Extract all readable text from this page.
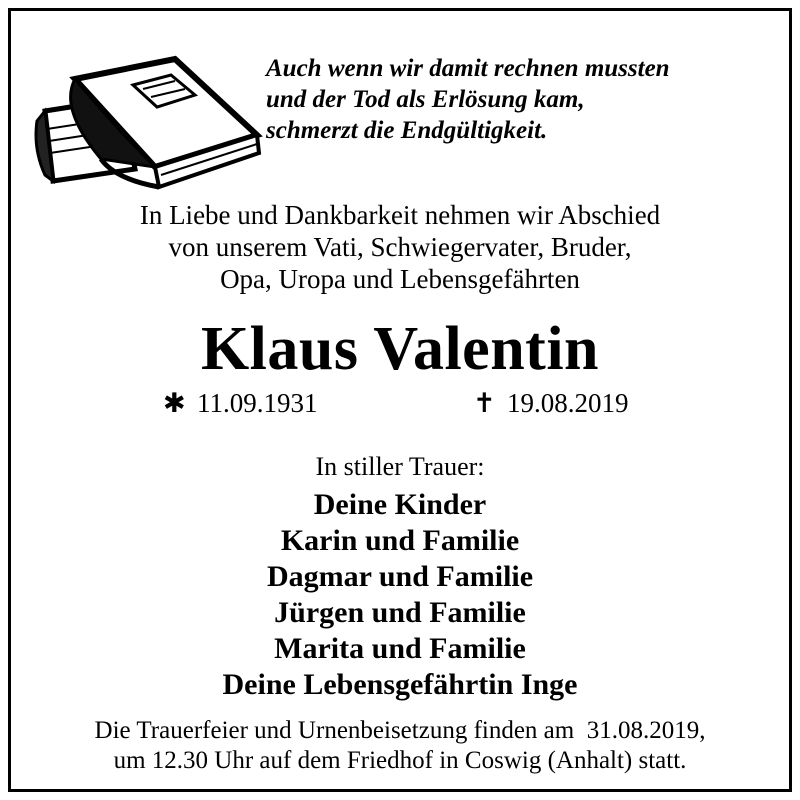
Auch wenn wir damit rechnen mussten
und der Tod als Erlösung kam,
schmerzt die Endgültigkeit.
In Liebe und Dankbarkeit nehmen wir Abschied
von unserem Vati, Schwiegervater, Bruder,
Opa, Uropa und Lebensgefährten
Klaus Valentin
✱ 11.09.1931	✝ 19.08.2019
In stiller Trauer:
Deine Kinder
Karin und Familie
Dagmar und Familie
Jürgen und Familie
Marita und Familie
Deine Lebensgefährtin Inge
Die Trauerfeier und Urnenbeisetzung finden am  31.08.2019,
um 12.30 Uhr auf dem Friedhof in Coswig (Anhalt) statt.
